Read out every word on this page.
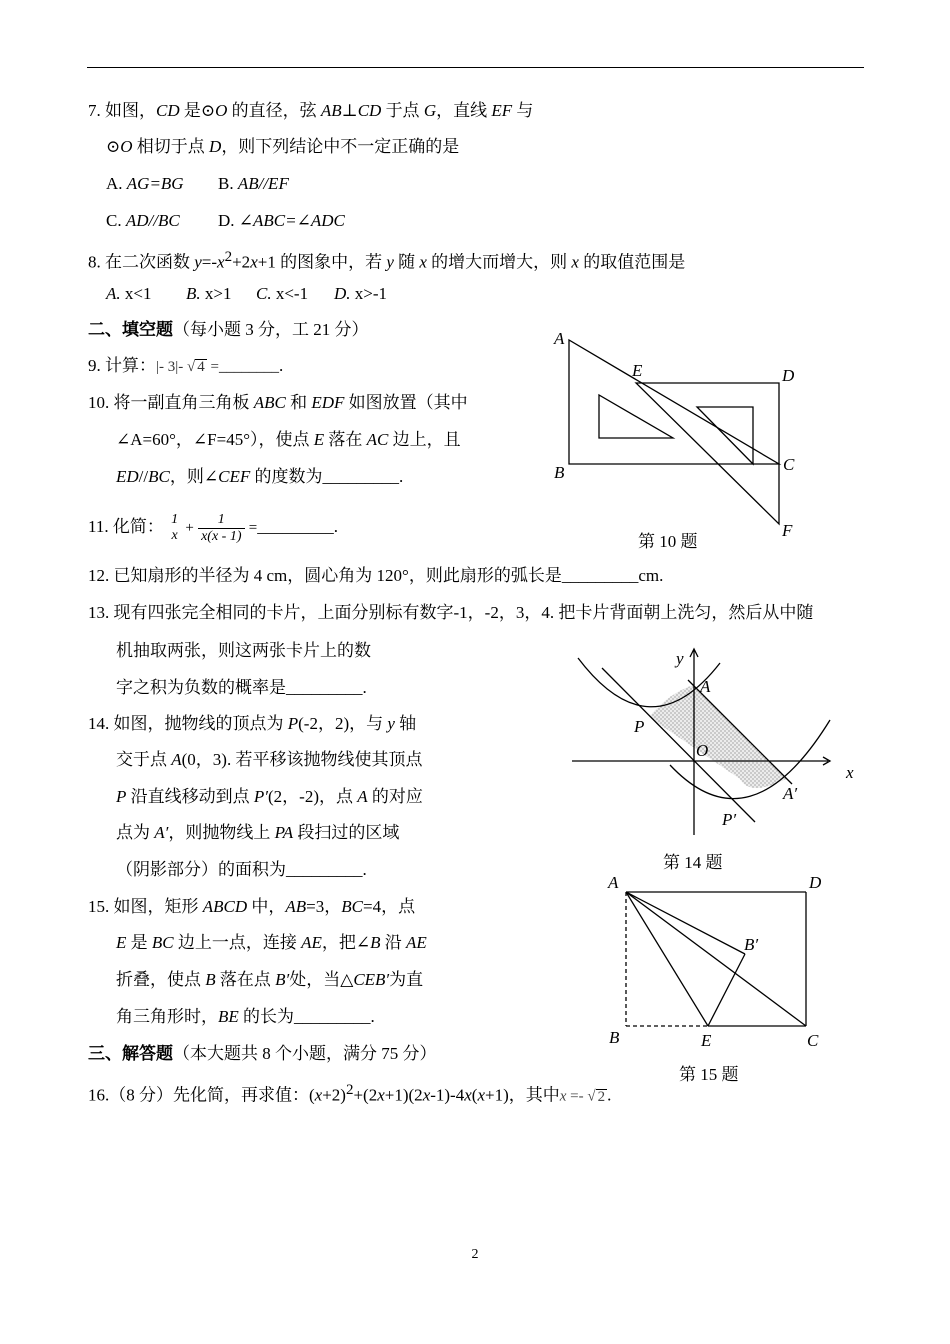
7. 如图，CD 是⊙O 的直径，弦 AB⊥CD 于点 G，直线 EF 与
⊙O 相切于点 D，则下列结论中不一定正确的是
A. AG=BG B. AB//EF
C. AD//BC D. ∠ABC=∠ADC
8. 在二次函数 $y=-x^2+2x+1$ 的图象中，若 y 随 x 的增大而增大，则 x 的取值范围是
A. x<1 B. x>1 C. x<-1 D. x>-1
二、填空题（每小题 3 分，工 21 分）
9. 计算：|- 3|- √ 4 =________.
10. 将一副直角三角板 ABC 和 EDF 如图放置（其中
∠A=60°，∠F=45°），使点 E 落在 AC 边上，且
ED//BC，则∠CEF 的度数为_________.
11. 化简： 1
$x + \frac{1}{x(x - 1)}$ =_________.
A
B	C
D
E
F
第 10 题
12. 已知扇形的半径为 4 cm，圆心角为 120°，则此扇形的弧长是_________cm.
13. 现有四张完全相同的卡片，上面分别标有数字-1，-2，3，4. 把卡片背面朝上洗匀，然后从中随
机抽取两张，则这两张卡片上的数
字之积为负数的概率是_________.
14. 如图，抛物线的顶点为 P(-2，2)，与 y 轴
交于点 A(0，3). 若平移该抛物线使其顶点
P 沿直线移动到点 P′(2，-2)，点 A 的对应
点为 A′，则抛物线上 PA 段扫过的区域
（阴影部分）的面积为_________.
y
x
A
P
O
A′
P′
第 14 题
15. 如图，矩形 ABCD 中，AB=3，BC=4，点
E 是 BC 边上一点，连接 AE，把∠B 沿 AE
折叠，使点 B 落在点 B′处，当△CEB′为直
角三角形时，BE 的长为_________.
A	D
B′
B	E	C
第 15 题
三、解答题（本大题共 8 个小题，满分 75 分）
16.（8 分）先化简，再求值：$(x+2)^2+(2x+1)(2x-1)-4x(x+1)$，其中x =- √ 2 .
2
